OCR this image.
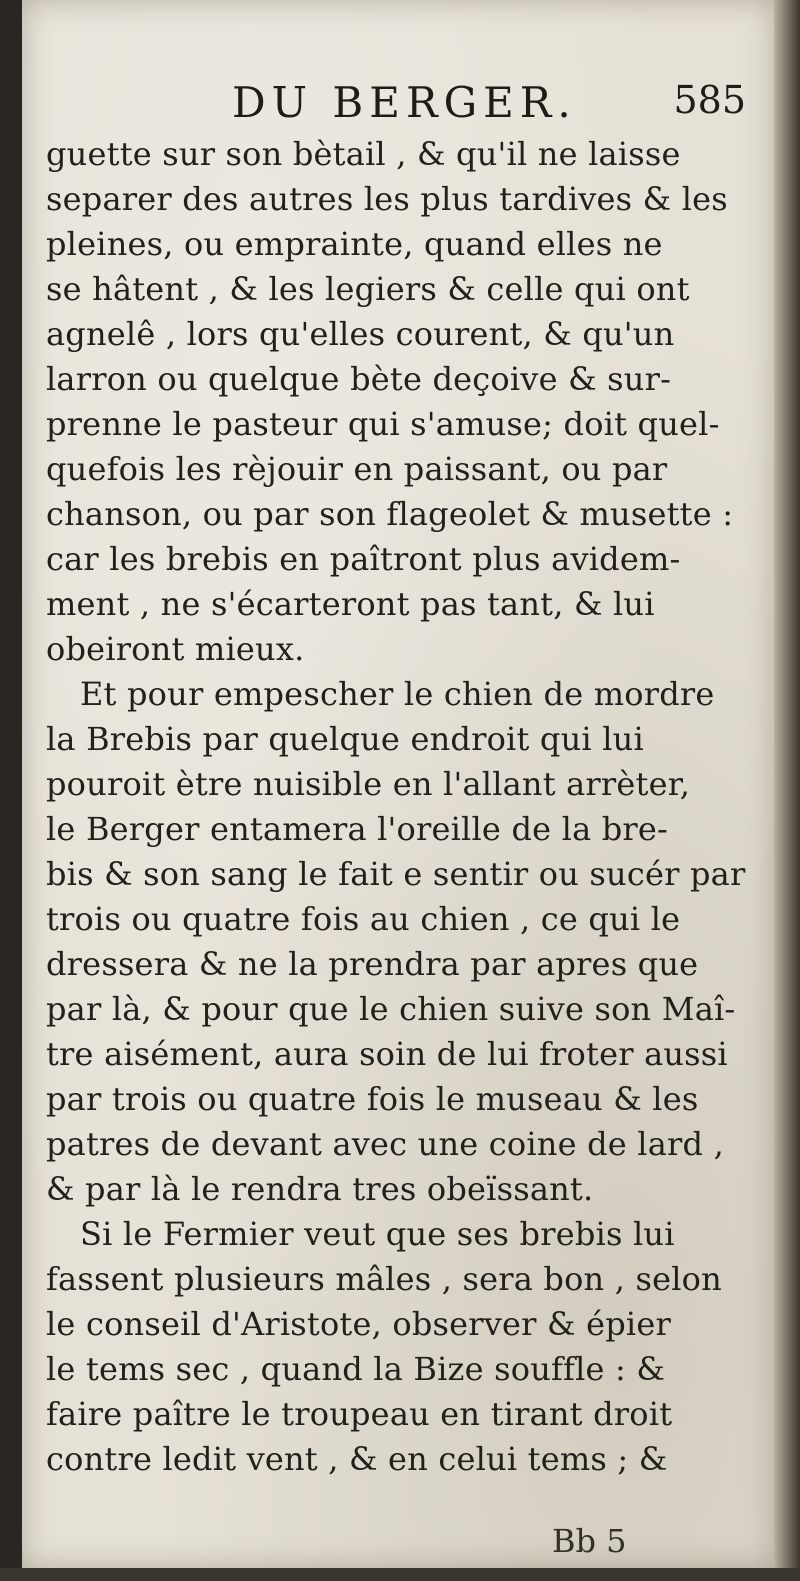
DU BERGER.	585
guette sur son bètail , & qu'il ne laisse
separer des autres les plus tardives & les
pleines, ou emprainte, quand elles ne
se hâtent , & les legiers & celle qui ont
agnelê , lors qu'elles courent, & qu'un
larron ou quelque bète deçoive & sur-
prenne le pasteur qui s'amuse; doit quel-
quefois les rèjouir en paissant, ou par
chanson, ou par son flageolet & musette :
car les brebis en paîtront plus avidem-
ment , ne s'écarteront pas tant, & lui
obeiront mieux.
Et pour empescher le chien de mordre
la Brebis par quelque endroit qui lui
pouroit ètre nuisible en l'allant arrèter,
le Berger entamera l'oreille de la bre-
bis & son sang le fait e sentir ou sucér par
trois ou quatre fois au chien , ce qui le
dressera & ne la prendra par apres que
par là, & pour que le chien suive son Maî-
tre aisément, aura soin de lui froter aussi
par trois ou quatre fois le museau & les
patres de devant avec une coine de lard ,
& par là le rendra tres obeïssant.
Si le Fermier veut que ses brebis lui
fassent plusieurs mâles , sera bon , selon
le conseil d'Aristote, observer & épier
le tems sec , quand la Bize souffle : &
faire paître le troupeau en tirant droit
contre ledit vent , & en celui tems ; &
Bb 5
